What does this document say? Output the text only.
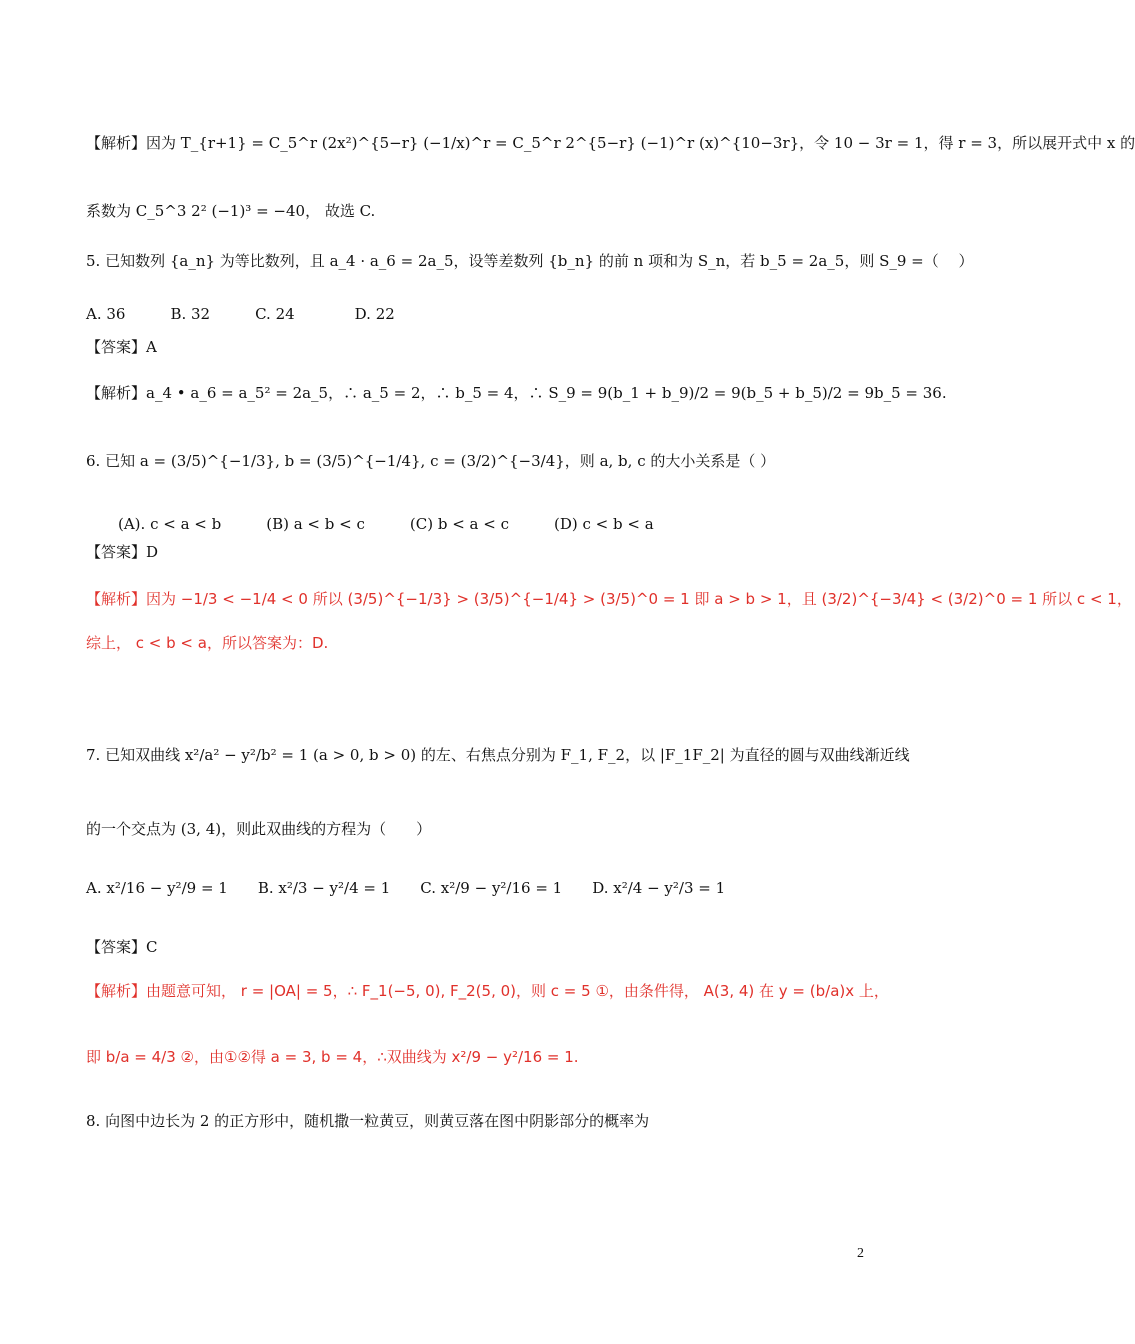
【解析】因为 T_{r+1} = C_5^r (2x²)^{5−r} (−1/x)^r = C_5^r 2^{5−r} (−1)^r (x)^{10−3r}，令 10 − 3r = 1，得 r = 3，所以展开式中 x 的
系数为 C_5^3 2² (−1)³ = −40， 故选 C.
5. 已知数列 {a_n} 为等比数列，且 a_4 · a_6 = 2a_5，设等差数列 {b_n} 的前 n 项和为 S_n，若 b_5 = 2a_5，则 S_9 =（　 ）
A. 36　　　B. 32　　　C. 24　　　　D. 22
【答案】A
【解析】a_4 • a_6 = a_5² = 2a_5，∴ a_5 = 2，∴ b_5 = 4，∴ S_9 = 9(b_1 + b_9)/2 = 9(b_5 + b_5)/2 = 9b_5 = 36.
6. 已知 a = (3/5)^{−1/3}, b = (3/5)^{−1/4}, c = (3/2)^{−3/4}，则 a, b, c 的大小关系是（ ）
(A). c < a < b　　　(B) a < b < c　　　(C) b < a < c　　　(D) c < b < a
【答案】D
【解析】因为 −1/3 < −1/4 < 0 所以 (3/5)^{−1/3} > (3/5)^{−1/4} > (3/5)^0 = 1 即 a > b > 1，且 (3/2)^{−3/4} < (3/2)^0 = 1 所以 c < 1，
综上， c < b < a，所以答案为：D.
7. 已知双曲线 x²/a² − y²/b² = 1 (a > 0, b > 0) 的左、右焦点分别为 F_1, F_2，以 |F_1F_2| 为直径的圆与双曲线渐近线
的一个交点为 (3, 4)，则此双曲线的方程为（　　）
A. x²/16 − y²/9 = 1　　B. x²/3 − y²/4 = 1　　C. x²/9 − y²/16 = 1　　D. x²/4 − y²/3 = 1
【答案】C
【解析】由题意可知， r = |OA| = 5，∴ F_1(−5, 0), F_2(5, 0)，则 c = 5 ①，由条件得， A(3, 4) 在 y = (b/a)x 上，
即 b/a = 4/3 ②，由①②得 a = 3, b = 4，∴双曲线为 x²/9 − y²/16 = 1.
8. 向图中边长为 2 的正方形中，随机撒一粒黄豆，则黄豆落在图中阴影部分的概率为
2
